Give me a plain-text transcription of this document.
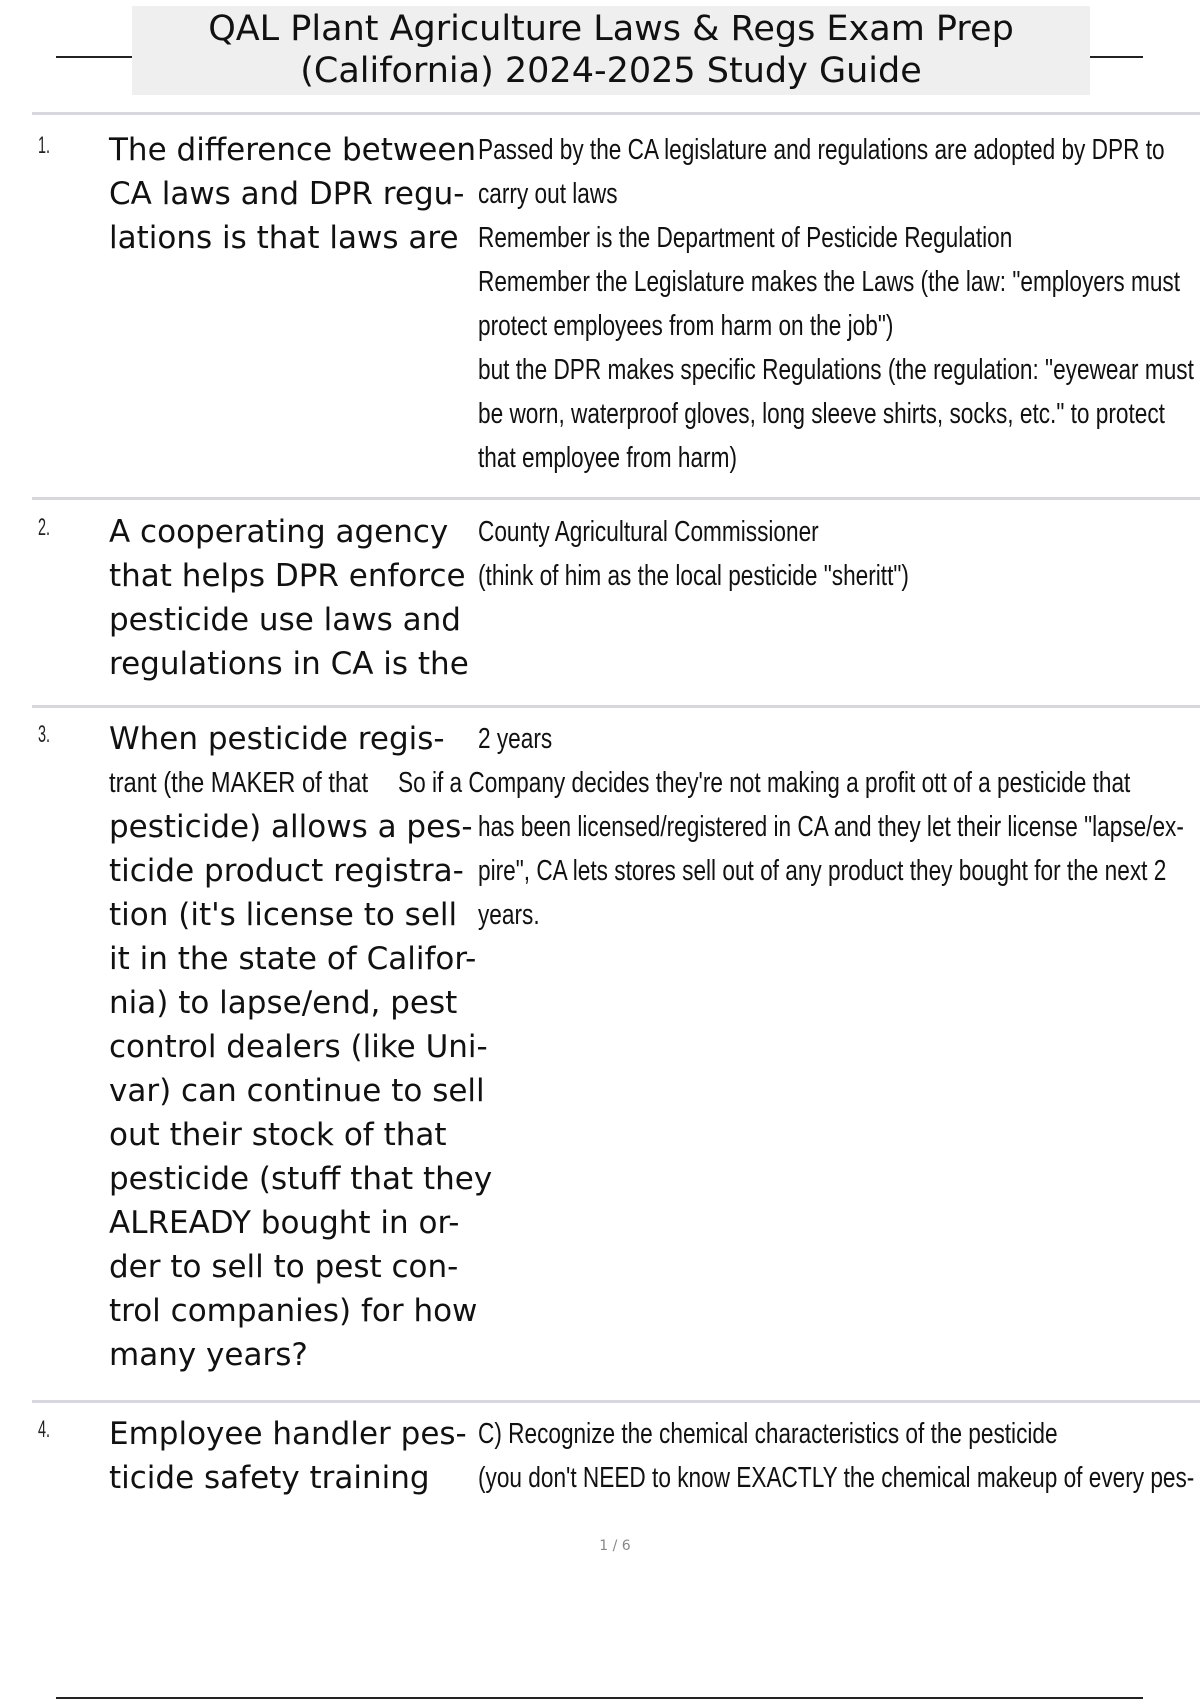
QAL Plant Agriculture Laws & Regs Exam Prep
(California) 2024-2025 Study Guide
1. The difference between
CA laws and DPR regu-
lations is that laws are
Passed by the CA legislature and regulations are adopted by DPR to
carry out laws
Remember is the Department of Pesticide Regulation
Remember the Legislature makes the Laws (the law: "employers must
protect employees from harm on the job")
but the DPR makes specific Regulations (the regulation: "eyewear must
be worn, waterproof gloves, long sleeve shirts, socks, etc." to protect
that employee from harm)
2. A cooperating agency
that helps DPR enforce
pesticide use laws and
regulations in CA is the
County Agricultural Commissioner
(think of him as the local pesticide "sheritt")
3. When pesticide regis-
trant (the MAKER of that
pesticide) allows a pes-
ticide product registra-
tion (it's license to sell
it in the state of Califor-
nia) to lapse/end, pest
control dealers (like Uni-
var) can continue to sell
out their stock of that
pesticide (stuff that they
ALREADY bought in or-
der to sell to pest con-
trol companies) for how
many years?
2 years
So if a Company decides they're not making a profit ott of a pesticide that
has been licensed/registered in CA and they let their license "lapse/ex-
pire", CA lets stores sell out of any product they bought for the next 2
years.
4. Employee handler pes-
ticide safety training
C) Recognize the chemical characteristics of the pesticide
(you don't NEED to know EXACTLY the chemical makeup of every pes-
1 / 6
